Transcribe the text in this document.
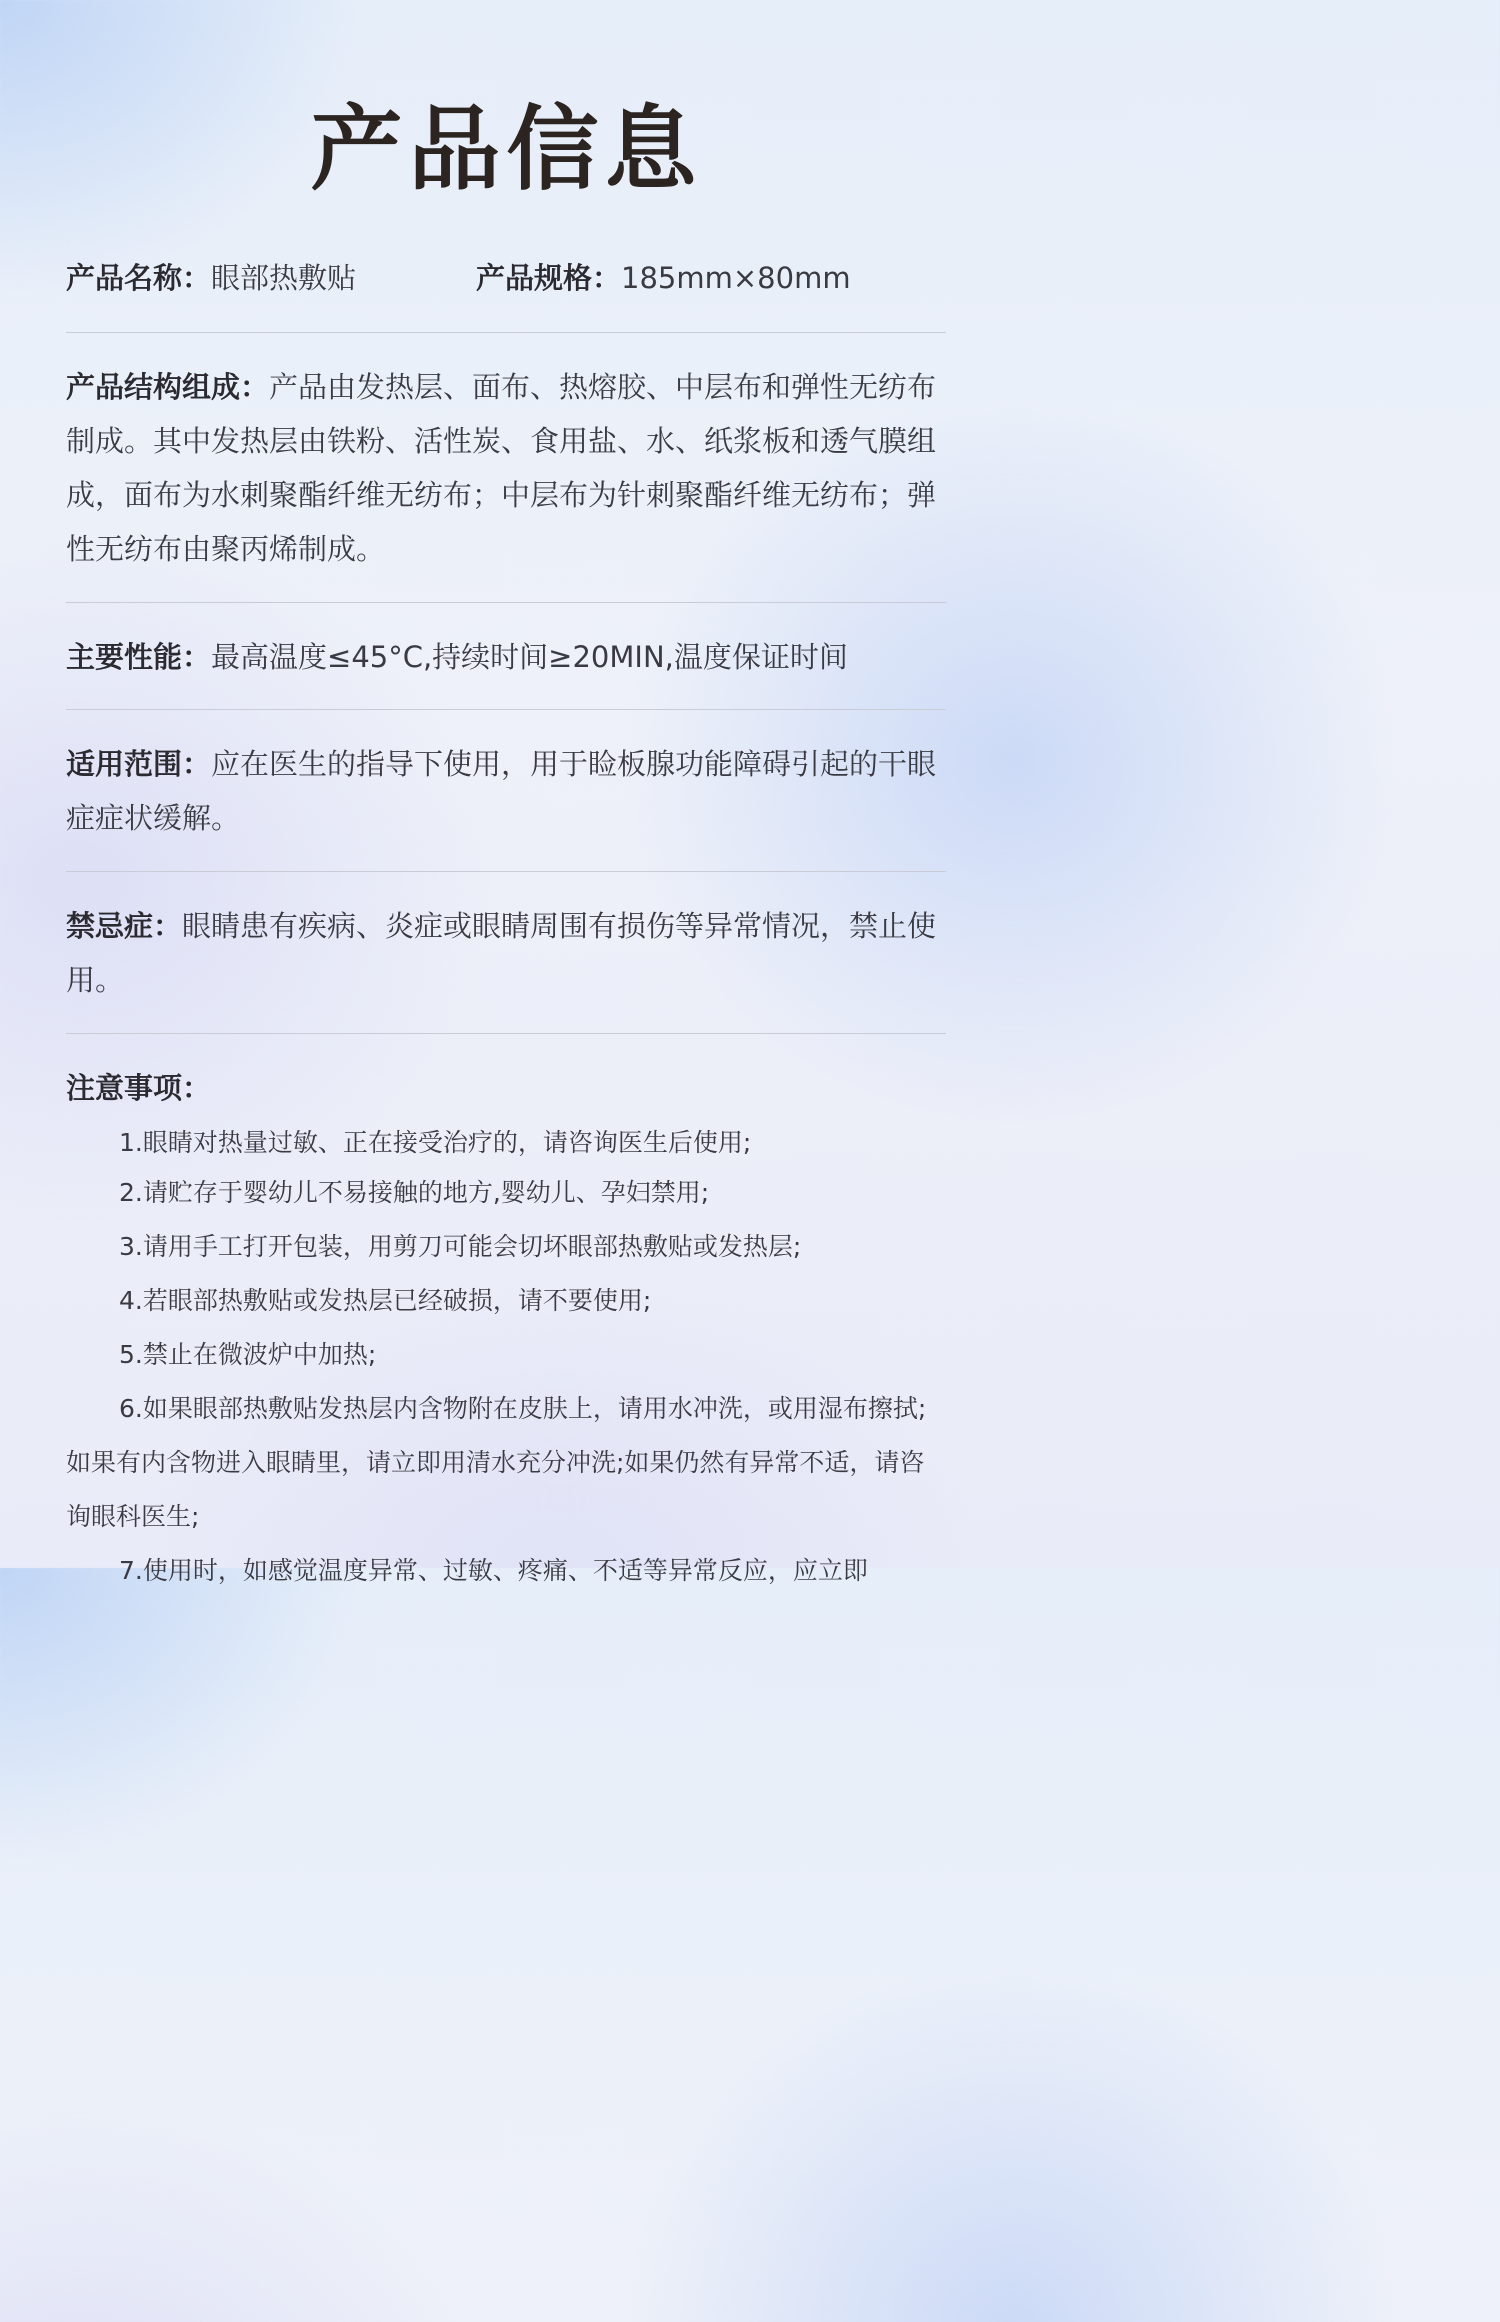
产品信息
产品名称：眼部热敷贴	产品规格：185mm×80mm
产品结构组成：产品由发热层、面布、热熔胶、中层布和弹性无纺布制成。其中发热层由铁粉、活性炭、食用盐、水、纸浆板和透气膜组成，面布为水刺聚酯纤维无纺布；中层布为针刺聚酯纤维无纺布；弹性无纺布由聚丙烯制成。
主要性能：最高温度≤45°C,持续时间≥20MIN,温度保证时间
适用范围：应在医生的指导下使用，用于睑板腺功能障碍引起的干眼症症状缓解。
禁忌症：眼睛患有疾病、炎症或眼睛周围有损伤等异常情况，禁止使用。
注意事项：
1.眼睛对热量过敏、正在接受治疗的，请咨询医生后使用;
2.请贮存于婴幼儿不易接触的地方,婴幼儿、孕妇禁用;
3.请用手工打开包装，用剪刀可能会切坏眼部热敷贴或发热层;
4.若眼部热敷贴或发热层已经破损，请不要使用;
5.禁止在微波炉中加热;
6.如果眼部热敷贴发热层内含物附在皮肤上，请用水冲洗，或用湿布擦拭;如果有内含物进入眼睛里，请立即用清水充分冲洗;如果仍然有异常不适，请咨询眼科医生;
7.使用时，如感觉温度异常、过敏、疼痛、不适等异常反应，应立即
